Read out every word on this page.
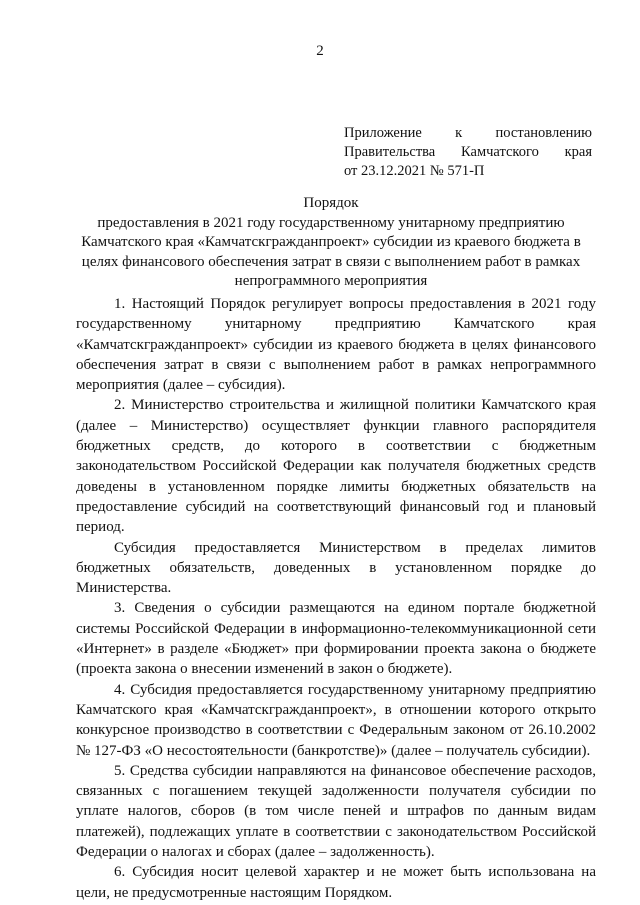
2
Приложение к постановлению
Правительства Камчатского края
от 23.12.2021 № 571-П

Порядок

предоставления в 2021 году государственному унитарному предприятию Камчатского края «Камчатскгражданпроект» субсидии из краевого бюджета в целях финансового обеспечения затрат в связи с выполнением работ в рамках непрограммного мероприятия

1. Настоящий Порядок регулирует вопросы предоставления в 2021 году государственному унитарному предприятию Камчатского края «Камчатскгражданпроект» субсидии из краевого бюджета в целях финансового обеспечения затрат в связи с выполнением работ в рамках непрограммного мероприятия (далее – субсидия).

2. Министерство строительства и жилищной политики Камчатского края (далее – Министерство) осуществляет функции главного распорядителя бюджетных средств, до которого в соответствии с бюджетным законодательством Российской Федерации как получателя бюджетных средств доведены в установленном порядке лимиты бюджетных обязательств на предоставление субсидий на соответствующий финансовый год и плановый период.

Субсидия предоставляется Министерством в пределах лимитов бюджетных обязательств, доведенных в установленном порядке до Министерства.

3. Сведения о субсидии размещаются на едином портале бюджетной системы Российской Федерации в информационно-телекоммуникационной сети «Интернет» в разделе «Бюджет» при формировании проекта закона о бюджете (проекта закона о внесении изменений в закон о бюджете).

4. Субсидия предоставляется государственному унитарному предприятию Камчатского края «Камчатскгражданпроект», в отношении которого открыто конкурсное производство в соответствии с Федеральным законом от 26.10.2002 № 127-ФЗ «О несостоятельности (банкротстве)» (далее – получатель субсидии).

5. Средства субсидии направляются на финансовое обеспечение расходов, связанных с погашением текущей задолженности получателя субсидии по уплате налогов, сборов (в том числе пеней и штрафов по данным видам платежей), подлежащих уплате в соответствии с законодательством Российской Федерации о налогах и сборах (далее – задолженность).

6. Субсидия носит целевой характер и не может быть использована на цели, не предусмотренные настоящим Порядком.
